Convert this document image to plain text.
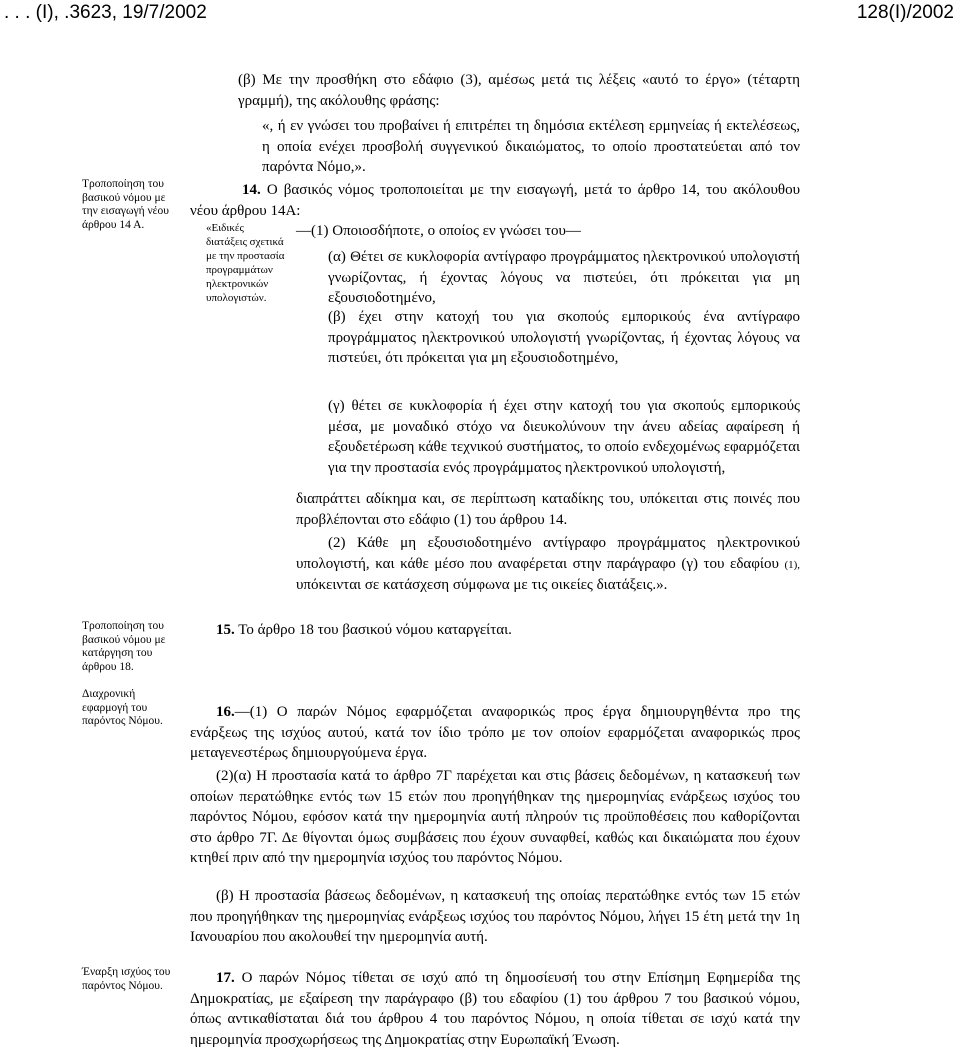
. . . (I), .3623, 19/7/2002	128(I)/2002
Τροποποίηση του βασικού νόμου με την εισαγωγή νέου άρθρου 14 Α.
Τροποποίηση του βασικού νόμου με κατάργηση του άρθρου 18.
Διαχρονική εφαρμογή του παρόντος Νόμου.
Έναρξη ισχύος του παρόντος Νόμου.
«Ειδικές διατάξεις σχετικά με την προστασία προγραμμάτων ηλεκτρονικών υπολογιστών.

(β) Με την προσθήκη στο εδάφιο (3), αμέσως μετά τις λέξεις «αυτό το έργο» (τέταρτη γραμμή), της ακόλουθης φράσης:

«, ή εν γνώσει του προβαίνει ή επιτρέπει τη δημόσια εκτέλεση ερμηνείας ή εκτελέσεως, η οποία ενέχει προσβολή συγγενικού δικαιώματος, το οποίο προστατεύεται από τον παρόντα Νόμο,».

14. Ο βασικός νόμος τροποποιείται με την εισαγωγή, μετά το άρθρο 14, του ακόλουθου νέου άρθρου 14Α:

—(1) Οποιοσδήποτε, ο οποίος εν γνώσει του—

(α) Θέτει σε κυκλοφορία αντίγραφο προγράμματος ηλεκτρονικού υπολογιστή γνωρίζοντας, ή έχοντας λόγους να πιστεύει, ότι πρόκειται για μη εξουσιοδοτημένο,

(β) έχει στην κατοχή του για σκοπούς εμπορικούς ένα αντίγραφο προγράμματος ηλεκτρονικού υπολογιστή γνωρίζοντας, ή έχοντας λόγους να πιστεύει, ότι πρόκειται για μη εξουσιοδοτημένο,

(γ) θέτει σε κυκλοφορία ή έχει στην κατοχή του για σκοπούς εμπορικούς μέσα, με μοναδικό στόχο να διευκολύνουν την άνευ αδείας αφαίρεση ή εξουδετέρωση κάθε τεχνικού συστήματος, το οποίο ενδεχομένως εφαρμόζεται για την προστασία ενός προγράμματος ηλεκτρονικού υπολογιστή,

διαπράττει αδίκημα και, σε περίπτωση καταδίκης του, υπόκειται στις ποινές που προβλέπονται στο εδάφιο (1) του άρθρου 14.

(2) Κάθε μη εξουσιοδοτημένο αντίγραφο προγράμματος ηλεκτρονικού υπολογιστή, και κάθε μέσο που αναφέρεται στην παράγραφο (γ) του εδαφίου (1), υπόκεινται σε κατάσχεση σύμφωνα με τις οικείες διατάξεις.».

15. Το άρθρο 18 του βασικού νόμου καταργείται.

16.—(1) Ο παρών Νόμος εφαρμόζεται αναφορικώς προς έργα δημιουργηθέντα προ της ενάρξεως της ισχύος αυτού, κατά τον ίδιο τρόπο με τον οποίον εφαρμόζεται αναφορικώς προς μεταγενεστέρως δημιουργούμενα έργα.

(2)(α) Η προστασία κατά το άρθρο 7Γ παρέχεται και στις βάσεις δεδομένων, η κατασκευή των οποίων περατώθηκε εντός των 15 ετών που προηγήθηκαν της ημερομηνίας ενάρξεως ισχύος του παρόντος Νόμου, εφόσον κατά την ημερομηνία αυτή πληρούν τις προϋποθέσεις που καθορίζονται στο άρθρο 7Γ. Δε θίγονται όμως συμβάσεις που έχουν συναφθεί, καθώς και δικαιώματα που έχουν κτηθεί πριν από την ημερομηνία ισχύος του παρόντος Νόμου.

(β) Η προστασία βάσεως δεδομένων, η κατασκευή της οποίας περατώθηκε εντός των 15 ετών που προηγήθηκαν της ημερομηνίας ενάρξεως ισχύος του παρόντος Νόμου, λήγει 15 έτη μετά την 1η Ιανουαρίου που ακολουθεί την ημερομηνία αυτή.

17. Ο παρών Νόμος τίθεται σε ισχύ από τη δημοσίευσή του στην Επίσημη Εφημερίδα της Δημοκρατίας, με εξαίρεση την παράγραφο (β) του εδαφίου (1) του άρθρου 7 του βασικού νόμου, όπως αντικαθίσταται διά του άρθρου 4 του παρόντος Νόμου, η οποία τίθεται σε ισχύ κατά την ημερομηνία προσχωρήσεως της Δημοκρατίας στην Ευρωπαϊκή Ένωση.
